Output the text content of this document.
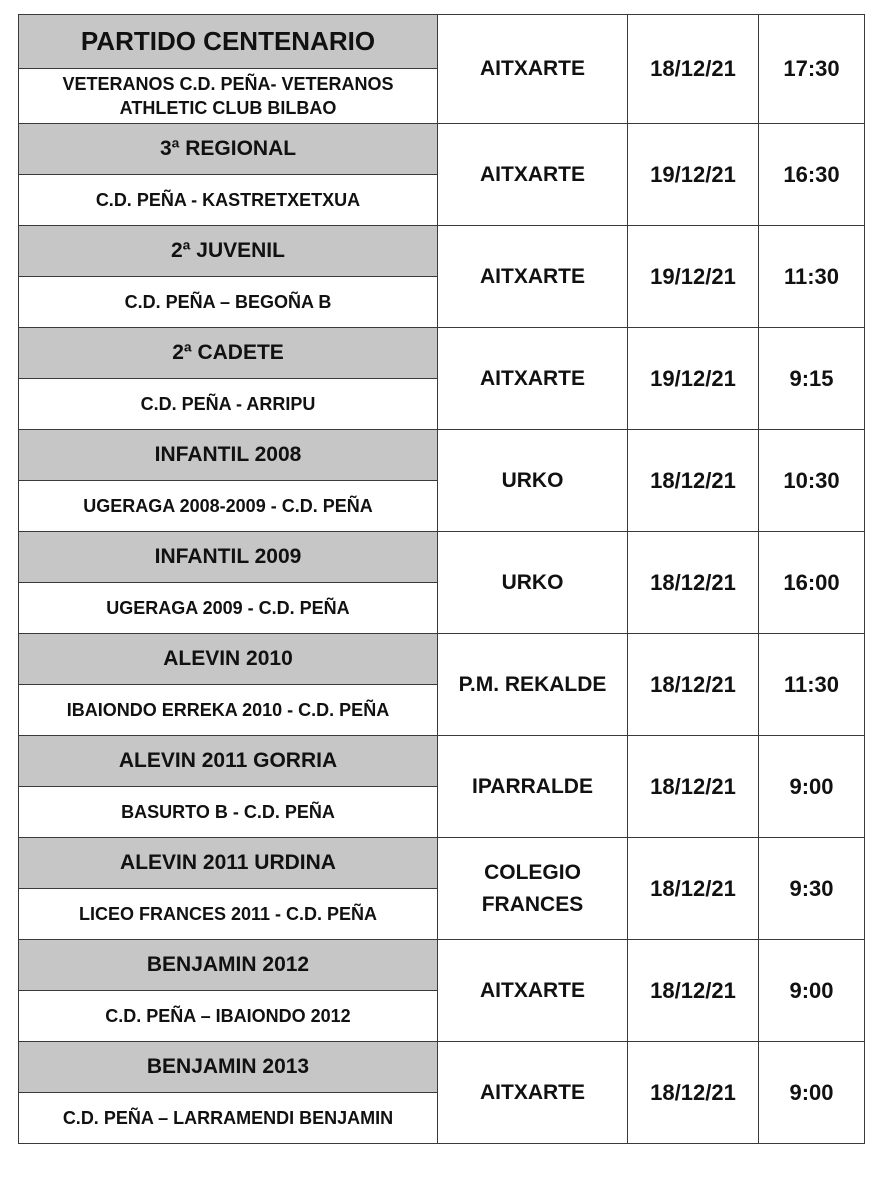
PARTIDO CENTENARIO	AITXARTE	18/12/21	17:30
VETERANOS C.D. PEÑA- VETERANOS ATHLETIC CLUB BILBAO			
3ª REGIONAL	AITXARTE	19/12/21	16:30
C.D. PEÑA - KASTRETXETXUA			
2ª JUVENIL	AITXARTE	19/12/21	11:30
C.D. PEÑA – BEGOÑA B			
2ª CADETE	AITXARTE	19/12/21	9:15
C.D. PEÑA - ARRIPU			
INFANTIL 2008	URKO	18/12/21	10:30
UGERAGA 2008-2009 - C.D. PEÑA			
INFANTIL 2009	URKO	18/12/21	16:00
UGERAGA 2009 - C.D. PEÑA			
ALEVIN 2010	P.M. REKALDE	18/12/21	11:30
IBAIONDO ERREKA 2010 - C.D. PEÑA			
ALEVIN 2011 GORRIA	IPARRALDE	18/12/21	9:00
BASURTO B - C.D. PEÑA			
ALEVIN 2011 URDINA	COLEGIO FRANCES	18/12/21	9:30
LICEO FRANCES 2011 - C.D. PEÑA			
BENJAMIN 2012	AITXARTE	18/12/21	9:00
C.D. PEÑA – IBAIONDO 2012			
BENJAMIN 2013	AITXARTE	18/12/21	9:00
C.D. PEÑA – LARRAMENDI BENJAMIN			
